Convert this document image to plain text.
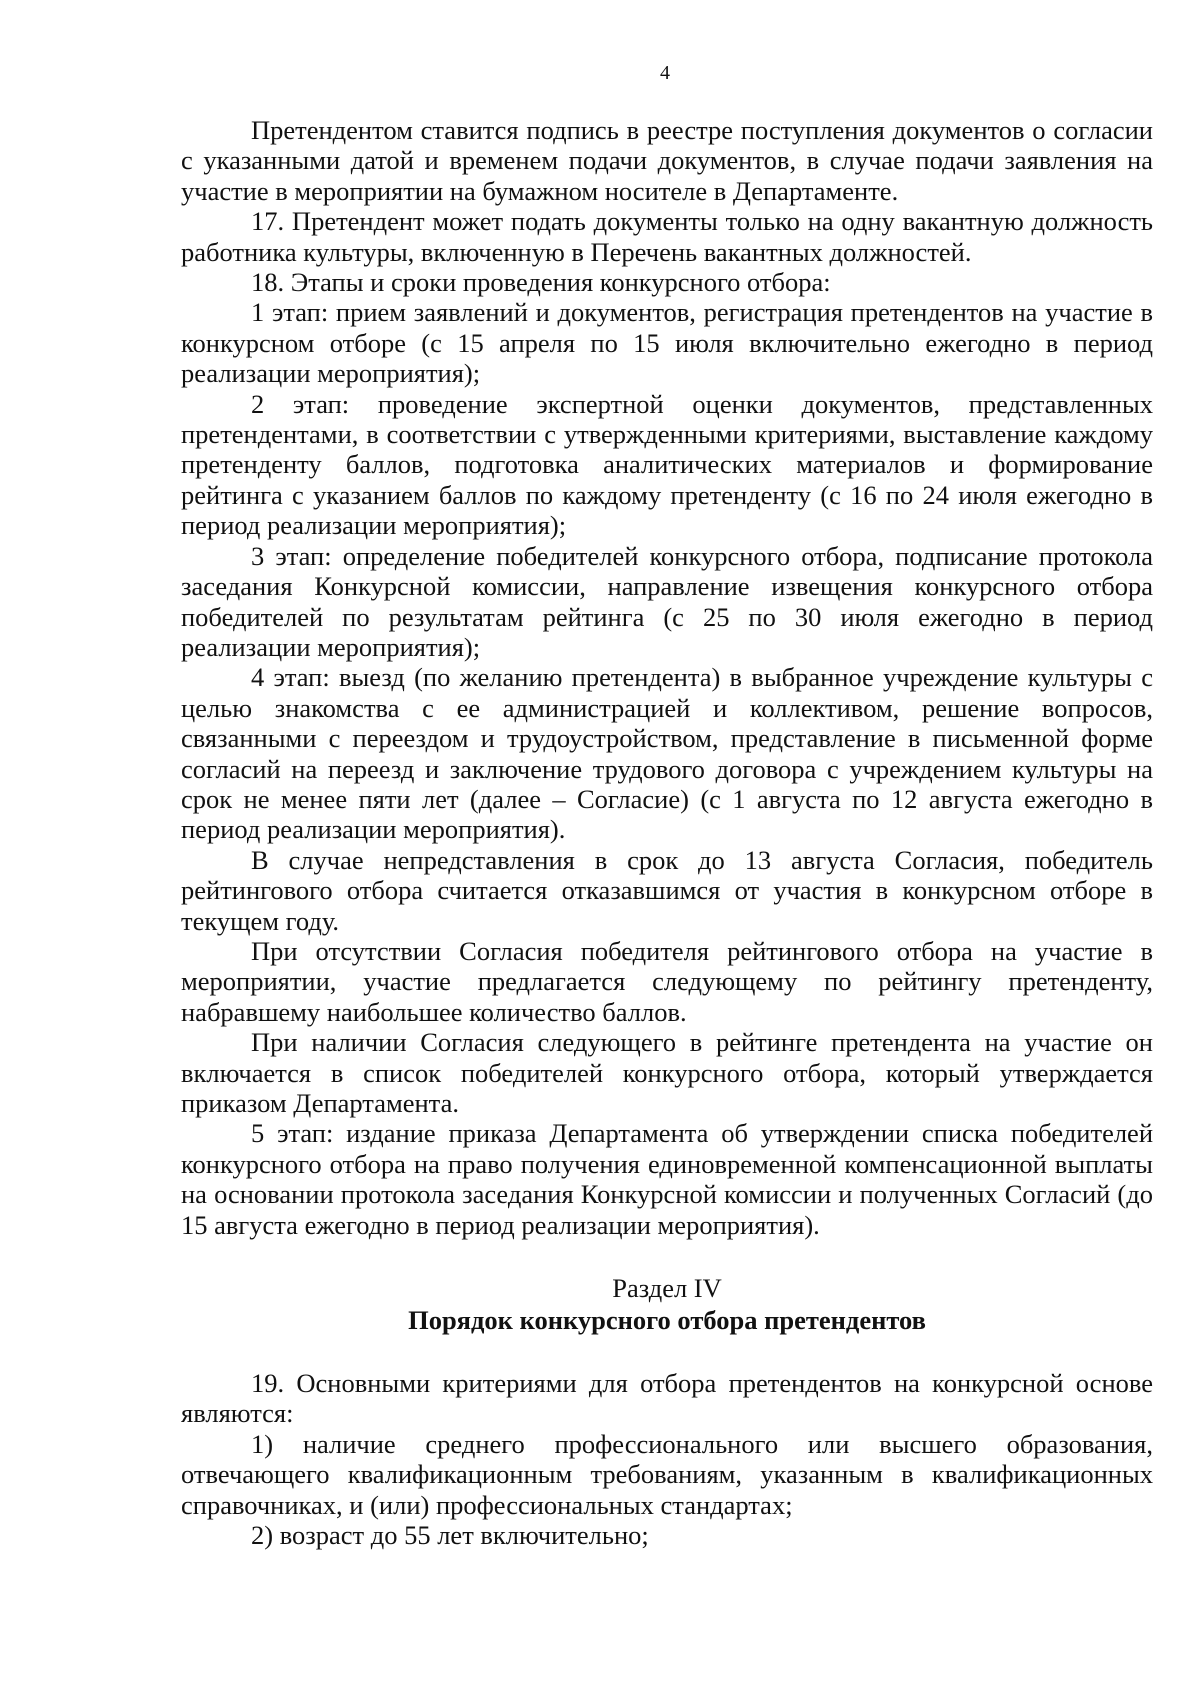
4

Претендентом ставится подпись в реестре поступления документов о согласии с указанными датой и временем подачи документов, в случае подачи заявления на участие в мероприятии на бумажном носителе в Департаменте.

17. Претендент может подать документы только на одну вакантную должность работника культуры, включенную в Перечень вакантных должностей.

18. Этапы и сроки проведения конкурсного отбора:

1 этап: прием заявлений и документов, регистрация претендентов на участие в конкурсном отборе (с 15 апреля по 15 июля включительно ежегодно в период реализации мероприятия);

2 этап: проведение экспертной оценки документов, представленных претендентами, в соответствии с утвержденными критериями, выставление каждому претенденту баллов, подготовка аналитических материалов и формирование рейтинга с указанием баллов по каждому претенденту (с 16 по 24 июля ежегодно в период реализации мероприятия);

3 этап: определение победителей конкурсного отбора, подписание протокола заседания Конкурсной комиссии, направление извещения конкурсного отбора победителей по результатам рейтинга (с 25 по 30 июля ежегодно в период реализации мероприятия);

4 этап: выезд (по желанию претендента) в выбранное учреждение культуры с целью знакомства с ее администрацией и коллективом, решение вопросов, связанными с переездом и трудоустройством, представление в письменной форме согласий на переезд и заключение трудового договора с учреждением культуры на срок не менее пяти лет (далее – Согласие) (с 1 августа по 12 августа ежегодно в период реализации мероприятия).

В случае непредставления в срок до 13 августа Согласия, победитель рейтингового отбора считается отказавшимся от участия в конкурсном отборе в текущем году.

При отсутствии Согласия победителя рейтингового отбора на участие в мероприятии, участие предлагается следующему по рейтингу претенденту, набравшему наибольшее количество баллов.

При наличии Согласия следующего в рейтинге претендента на участие он включается в список победителей конкурсного отбора, который утверждается приказом Департамента.

5 этап: издание приказа Департамента об утверждении списка победителей конкурсного отбора на право получения единовременной компенсационной выплаты на основании протокола заседания Конкурсной комиссии и полученных Согласий (до 15 августа ежегодно в период реализации мероприятия).

Раздел IV
Порядок конкурсного отбора претендентов

19. Основными критериями для отбора претендентов на конкурсной основе являются:

1) наличие среднего профессионального или высшего образования, отвечающего квалификационным требованиям, указанным в квалификационных справочниках, и (или) профессиональных стандартах;

2) возраст до 55 лет включительно;
